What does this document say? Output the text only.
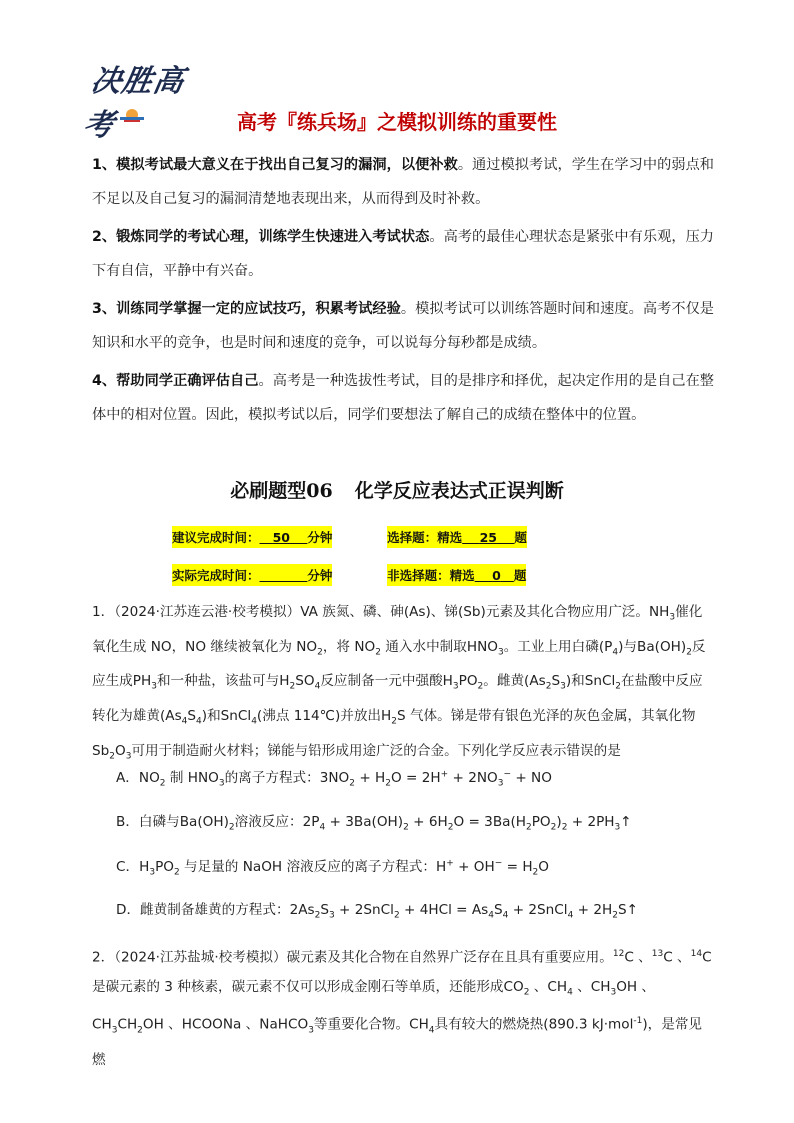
决胜高考	高考『练兵场』之模拟训练的重要性
1、模拟考试最大意义在于找出自己复习的漏洞，以便补救。通过模拟考试，学生在学习中的弱点和不足以及自己复习的漏洞清楚地表现出来，从而得到及时补救。
2、锻炼同学的考试心理，训练学生快速进入考试状态。高考的最佳心理状态是紧张中有乐观，压力下有自信，平静中有兴奋。
3、训练同学掌握一定的应试技巧，积累考试经验。模拟考试可以训练答题时间和速度。高考不仅是知识和水平的竞争，也是时间和速度的竞争，可以说每分每秒都是成绩。
4、帮助同学正确评估自己。高考是一种选拔性考试，目的是排序和择优，起决定作用的是自己在整体中的相对位置。因此，模拟考试以后，同学们要想法了解自己的成绩在整体中的位置。
必刷题型06 化学反应表达式正误判断
建议完成时间： 50 分钟	选择题：精选 25 题
实际完成时间：	分钟	非选择题：精选 0 题
1．（2024·江苏连云港·校考模拟）VA 族氮、磷、砷(As)、锑(Sb)元素及其化合物应用广泛。$NH_3$催化氧化生成 NO，NO 继续被氧化为 $NO_2$，将 $NO_2$ 通入水中制取$HNO_3$。工业上用白磷$(P_4)$与$Ba(OH)_2$反应生成$PH_3$和一种盐，该盐可与$H_2SO_4$反应制备一元中强酸$H_3PO_2$。雌黄$(As_2S_3)$和SnCl$_2$在盐酸中反应转化为雄黄$(As_4S_4)$和SnCl$_4$(沸点 114℃)并放出$H_2S$ 气体。锑是带有银色光泽的灰色金属，其氧化物$Sb_2O_3$可用于制造耐火材料；锑能与铅形成用途广泛的合金。下列化学反应表示错误的是
A．$NO_2$ 制 $HNO_3$的离子方程式：$3NO_2 + H_2O = 2H^+ + 2NO_3^-$ + NO
B．白磷与$Ba(OH)_2$溶液反应：$2P_4 + 3Ba(OH)_2 + 6H_2O = 3Ba(H_2PO_2)_2$ + $2PH_3↑$
C．$H_3PO_2$ 与足量的 NaOH 溶液反应的离子方程式：$H^+ + OH^- = H_2O$
D．雌黄制备雄黄的方程式：$2As_2S_3$ + 2SnCl$_2$ + $4HCl = As_4S_4$ + 2SnCl$_4$ + $2H_2S↑$
2．（2024·江苏盐城·校考模拟）碳元素及其化合物在自然界广泛存在且具有重要应用。$^{12}$C 、$^{13}$C 、$^{14}$C 是碳元素的 3 种核素，碳元素不仅可以形成金刚石等单质，还能形成$CO_2$ 、$CH_4$ 、$CH_3OH$ 、$CH_3CH_2OH$ 、HCOONa 、NaHCO$_3$等重要化合物。$CH_4$具有较大的燃烧热(890.3 kJ·mol$^{-1}$)，是常见燃
